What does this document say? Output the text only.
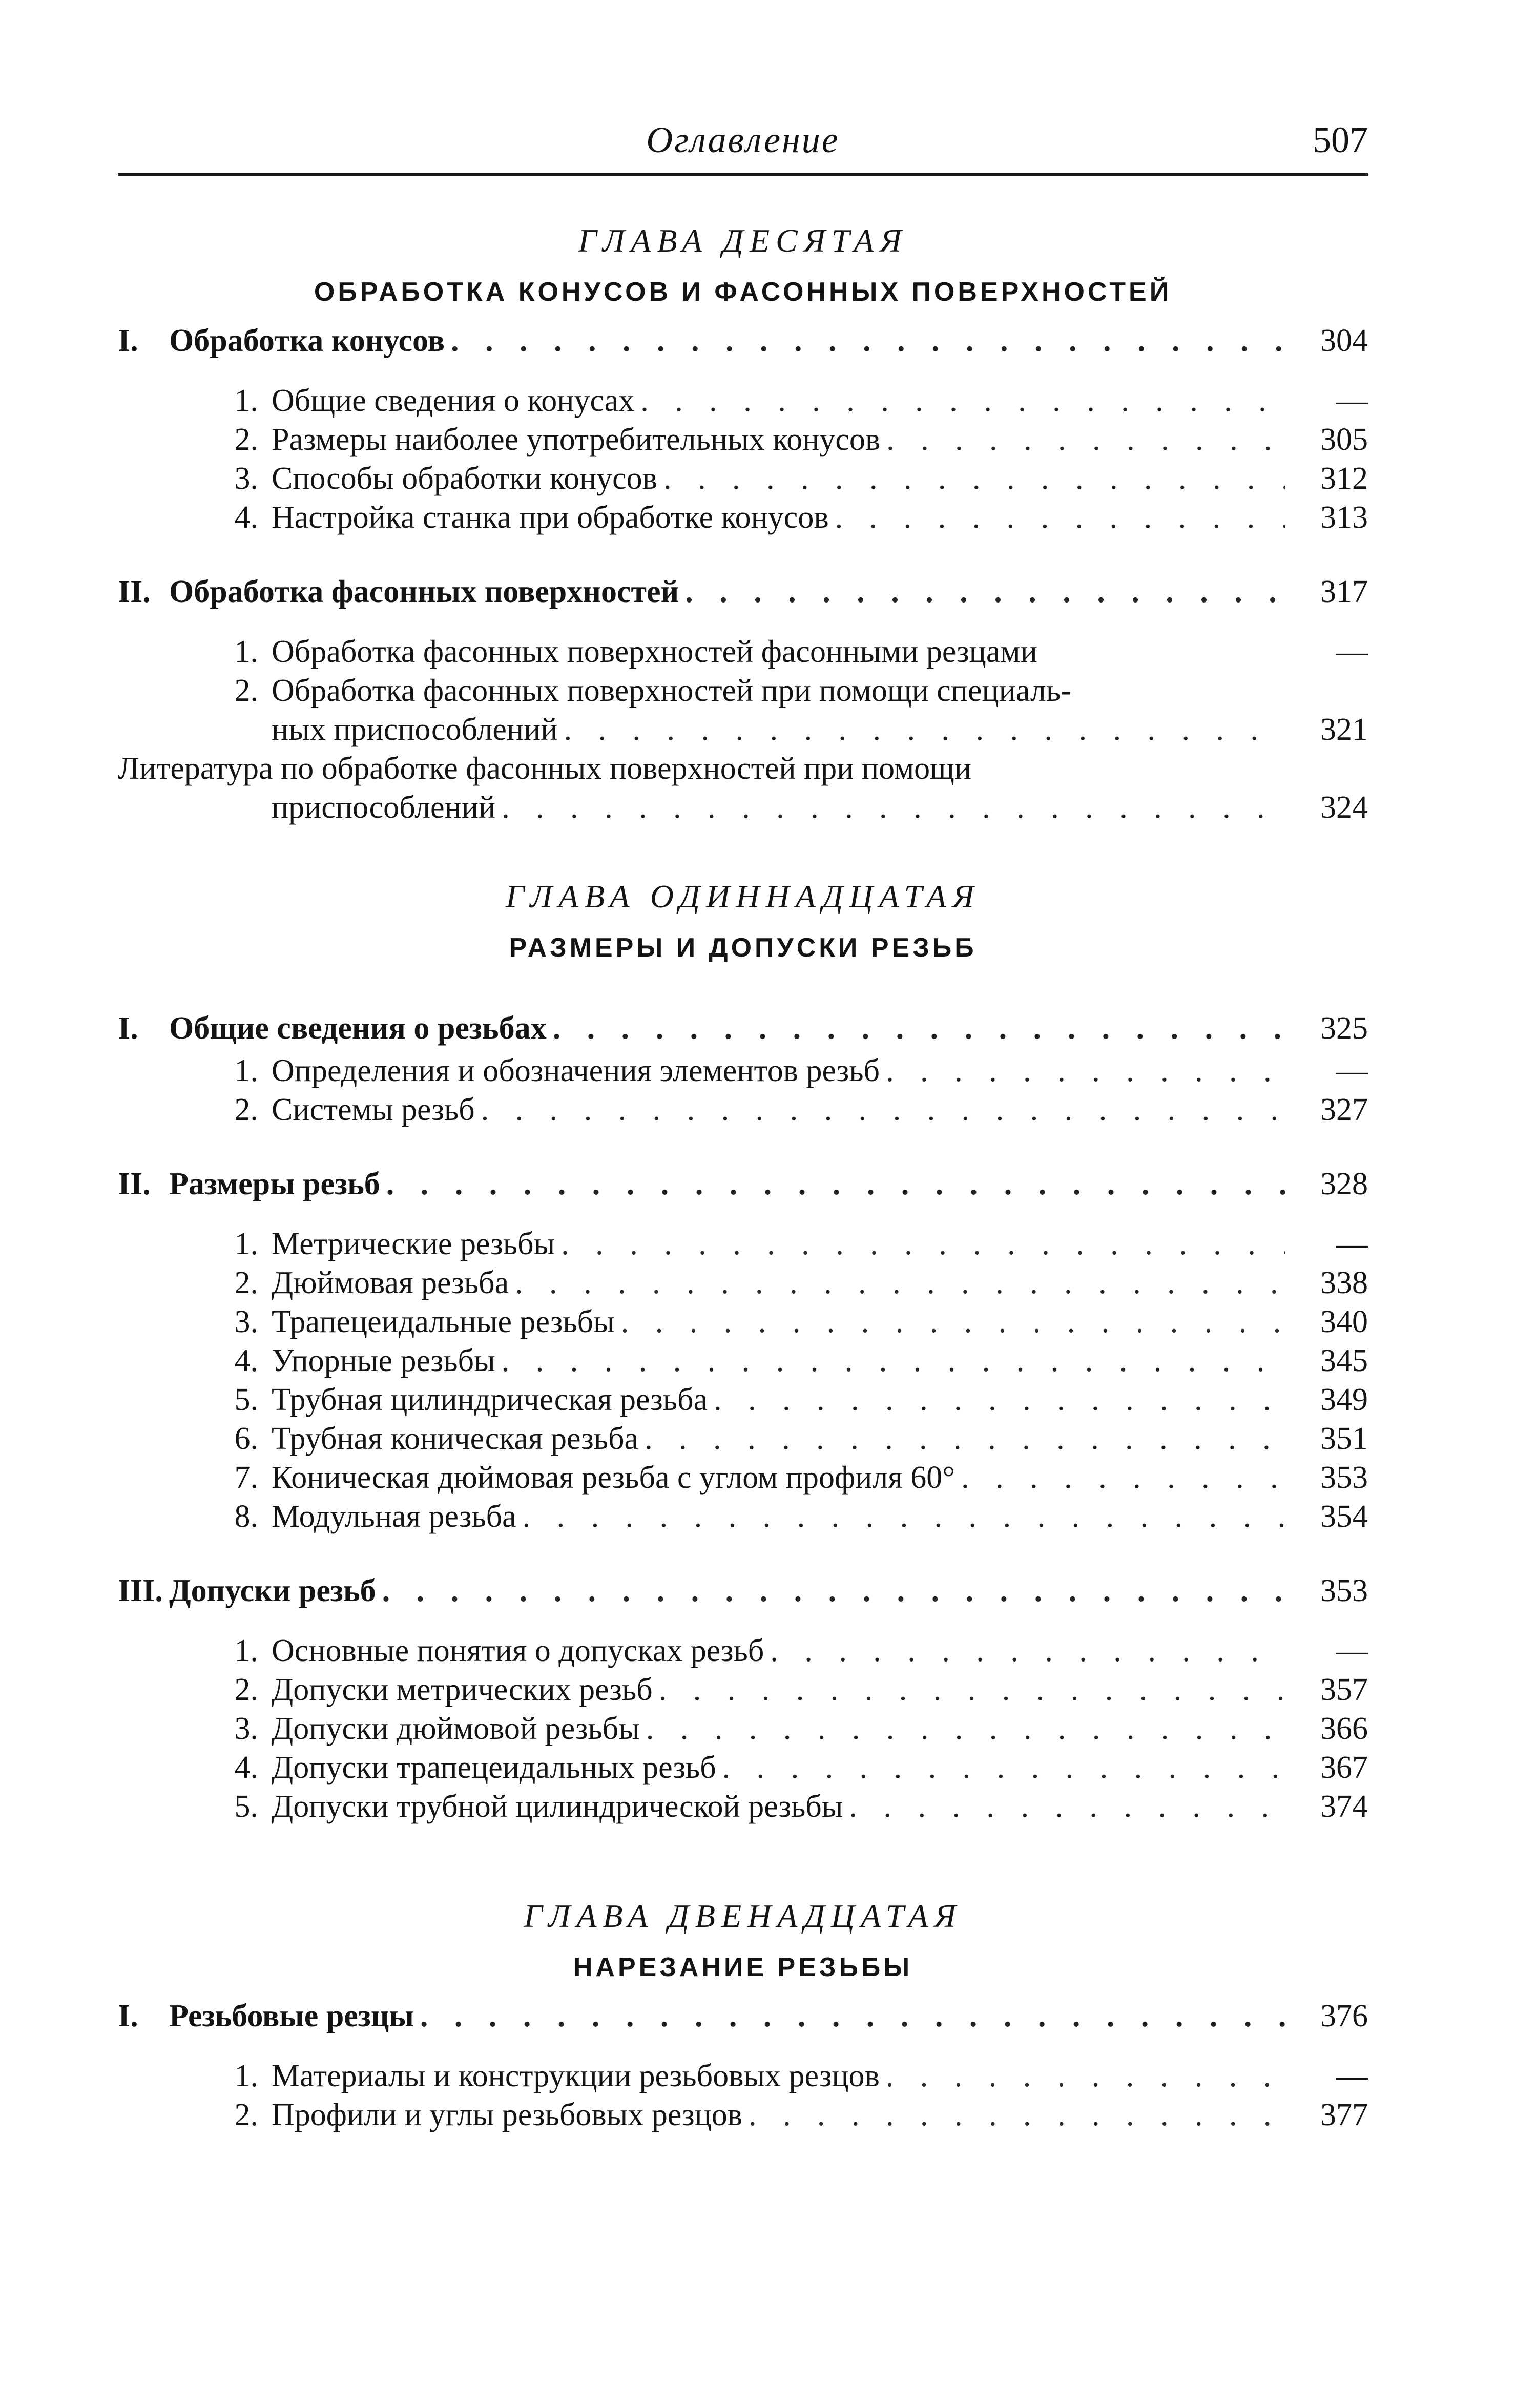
Оглавление	507
ГЛАВА ДЕСЯТАЯ
ОБРАБОТКА КОНУСОВ И ФАСОННЫХ ПОВЕРХНОСТЕЙ
I. Обработка конусов . . .	304
1. Общие сведения о конусах . . .	—
2. Размеры наиболее употребительных конусов . . .	305
3. Способы обработки конусов . . .	312
4. Настройка станка при обработке конусов . . .	313
II. Обработка фасонных поверхностей . . .	317
1. Обработка фасонных поверхностей фасонными резцами	—
2. Обработка фасонных поверхностей при помощи специаль-
ных приспособлений . . .	321
Литература по обработке фасонных поверхностей при помощи
приспособлений . . .	324
ГЛАВА ОДИННАДЦАТАЯ
РАЗМЕРЫ И ДОПУСКИ РЕЗЬБ
I. Общие сведения о резьбах . . .	325
1. Определения и обозначения элементов резьб . . .	—
2. Системы резьб . . .	327
II. Размеры резьб . . .	328
1. Метрические резьбы . . .	—
2. Дюймовая резьба . . .	338
3. Трапецеидальные резьбы . . .	340
4. Упорные резьбы . . .	345
5. Трубная цилиндрическая резьба . . .	349
6. Трубная коническая резьба . . .	351
7. Коническая дюймовая резьба с углом профиля 60° . . .	353
8. Модульная резьба . . .	354
III. Допуски резьб . . .	353
1. Основные понятия о допусках резьб . . .	—
2. Допуски метрических резьб . . .	357
3. Допуски дюймовой резьбы . . .	366
4. Допуски трапецеидальных резьб . . .	367
5. Допуски трубной цилиндрической резьбы . . .	374
ГЛАВА ДВЕНАДЦАТАЯ
НАРЕЗАНИЕ РЕЗЬБЫ
I. Резьбовые резцы . . .	376
1. Материалы и конструкции резьбовых резцов . . .	—
2. Профили и углы резьбовых резцов . . .	377
